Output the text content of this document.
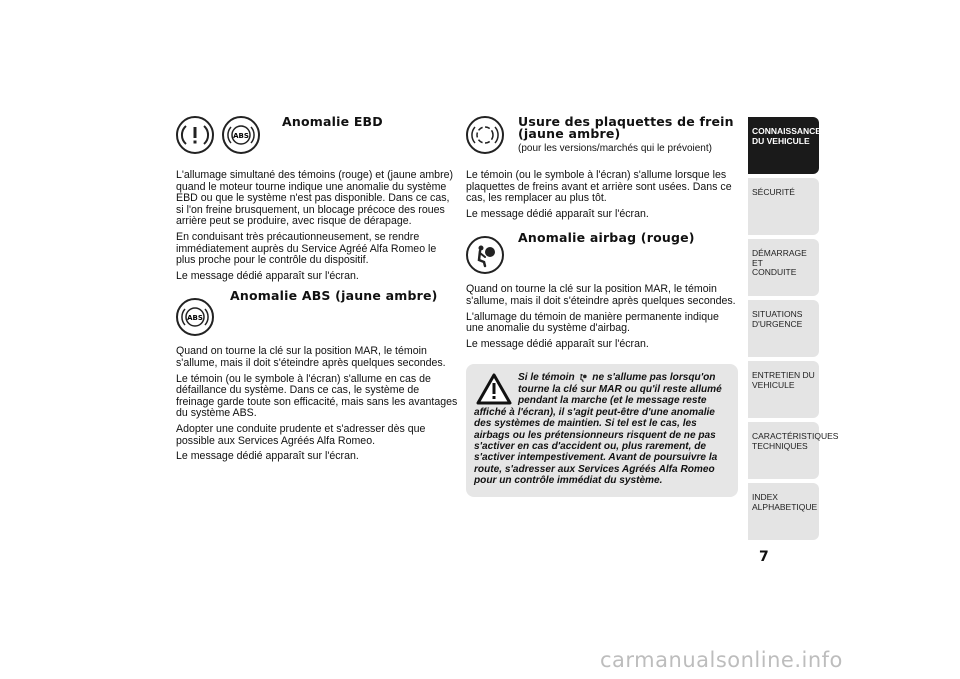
ABS
Anomalie EBD

L'allumage simultané des témoins (rouge) et (jaune ambre) quand le moteur tourne indique une anomalie du système EBD ou que le système n'est pas disponible. Dans ce cas, si l'on freine brusquement, un blocage précoce des roues arrière peut se produire, avec risque de dérapage.

En conduisant très précautionneusement, se rendre immédiatement auprès du Service Agréé Alfa Romeo le plus proche pour le contrôle du dispositif.

Le message dédié apparaît sur l'écran.

ABS
Anomalie ABS (jaune ambre)

Quand on tourne la clé sur la position MAR, le témoin s'allume, mais il doit s'éteindre après quelques secondes.

Le témoin (ou le symbole à l'écran) s'allume en cas de défaillance du système. Dans ce cas, le système de freinage garde toute son efficacité, mais sans les avantages du système ABS.

Adopter une conduite prudente et s'adresser dès que possible aux Services Agréés Alfa Romeo.

Le message dédié apparaît sur l'écran.

Usure des plaquettes de frein
(jaune ambre)
(pour les versions/marchés qui le prévoient)

Le témoin (ou le symbole à l'écran) s'allume lorsque les plaquettes de freins avant et arrière sont usées. Dans ce cas, les remplacer au plus tôt.

Le message dédié apparaît sur l'écran.

Anomalie airbag (rouge)

Quand on tourne la clé sur la position MAR, le témoin s'allume, mais il doit s'éteindre après quelques secondes.

L'allumage du témoin de manière permanente indique une anomalie du système d'airbag.

Le message dédié apparaît sur l'écran.

Si le témoin ne s'allume pas lorsqu'on tourne la clé sur MAR ou qu'il reste allumé pendant la marche (et le message reste affiché à l'écran), il s'agit peut-être d'une anomalie des systèmes de maintien. Si tel est le cas, les airbags ou les prétensionneurs risquent de ne pas s'activer en cas d'accident ou, plus rarement, de s'activer intempestivement. Avant de poursuivre la route, s'adresser aux Services Agréés Alfa Romeo pour un contrôle immédiat du système.
CONNAISSANCE
DU VEHICULE
SÉCURITÉ
DÉMARRAGE ET
CONDUITE
SITUATIONS
D'URGENCE
ENTRETIEN DU
VEHICULE
CARACTÉRISTIQUES
TECHNIQUES
INDEX
ALPHABETIQUE
7
carmanualsonline.info
